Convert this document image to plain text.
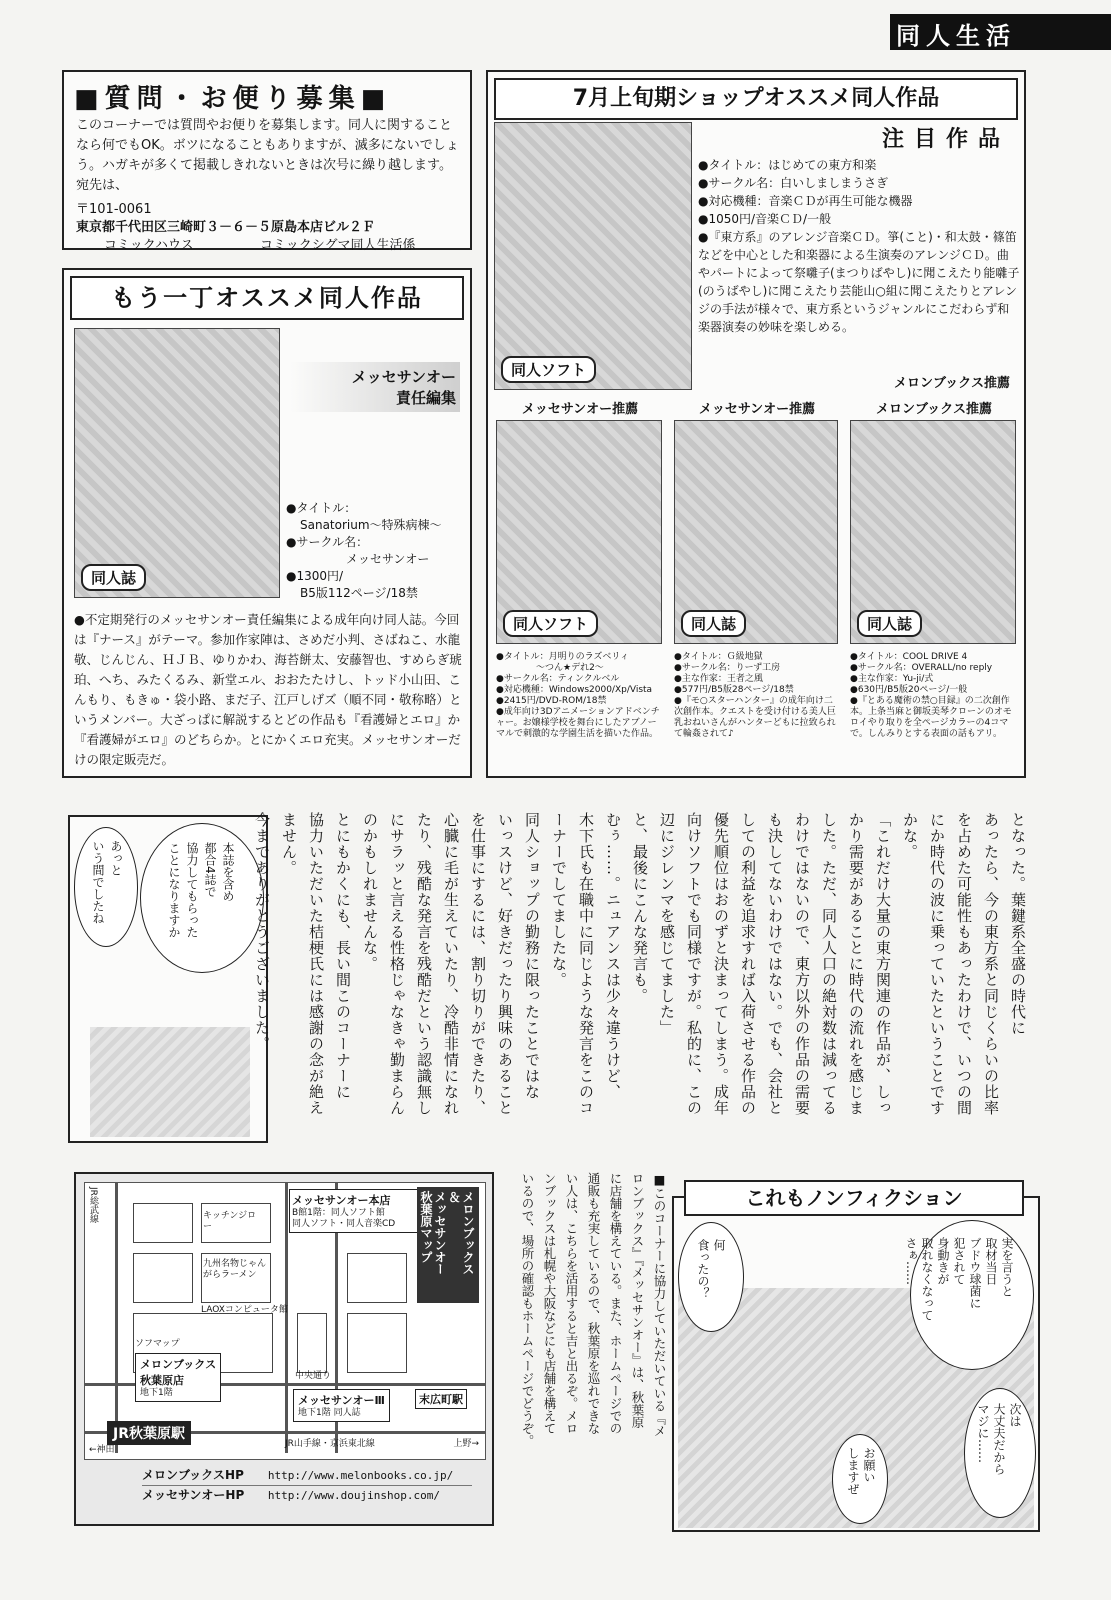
同人生活
■質問・お便り募集■
このコーナーでは質問やお便りを募集します。同人に関することなら何でもOK。ボツになることもありますが、滅多にないでしょう。ハガキが多くて掲載しきれないときは次号に繰り越します。宛先は、
〒101-0061
東京都千代田区三崎町３－６－５原島本店ビル２Ｆ
コミックハウス	コミックシグマ同人生活係
もう一丁オススメ同人作品
同人誌
メッセサンオー
責任編集
●タイトル：
Sanatorium～特殊病棟～
●サークル名：
メッセサンオー
●1300円/
B5版112ページ/18禁
●不定期発行のメッセサンオー責任編集による成年向け同人誌。今回は『ナース』がテーマ。参加作家陣は、さめだ小判、さばねこ、水龍敬、じんじん、ＨＪＢ、ゆりかわ、海苔餅太、安藤智也、すめらぎ琥珀、へち、みたくるみ、新堂エル、おおたたけし、トッド小山田、こんもり、もきゅ・袋小路、まだ子、江戸しげズ（順不同・敬称略）というメンバー。大ざっぱに解説するとどの作品も『看護婦とエロ』か『看護婦がエロ』のどちらか。とにかくエロ充実。メッセサンオーだけの限定販売だ。
7月上旬期ショップオススメ同人作品
注目作品
同人ソフト
●タイトル：はじめての東方和楽
●サークル名：白いしましまうさぎ
●対応機種：音楽ＣＤが再生可能な機器
●1050円/音楽ＣＤ/一般
●『東方系』のアレンジ音楽ＣＤ。箏(こと)・和太鼓・篠笛などを中心とした和楽器による生演奏のアレンジＣＤ。曲やパートによって祭囃子(まつりばやし)に聞こえたり能囃子(のうばやし)に聞こえたり芸能山○組に聞こえたりとアレンジの手法が様々で、東方系というジャンルにこだわらず和楽器演奏の妙味を楽しめる。
メロンブックス推薦
メッセサンオー推薦
同人ソフト
●タイトル：月明りのラズベリィ
～つん★デれ2～
●サークル名：ティンクルベル
●対応機種：Windows2000/Xp/Vista
●2415円/DVD-ROM/18禁
●成年向け3Dアニメーションアドベンチャー。お嬢様学校を舞台にしたアブノーマルで刺激的な学園生活を描いた作品。
メッセサンオー推薦
同人誌
●タイトル：Ｇ級地獄
●サークル名：りーず工房
●主な作家：王者之風
●577円/B5版28ページ/18禁
●『モ○スターハンター』の成年向け二次創作本。クエストを受け付ける美人巨乳おねいさんがハンターどもに拉致られて輪姦されて♪
メロンブックス推薦
同人誌
●タイトル：COOL DRIVE 4
●サークル名：OVERALL/no reply
●主な作家：Yu-ji/式
●630円/B5版20ページ/一般
●『とある魔術の禁○目録』の二次創作本。上条当麻と御坂美琴クローンのオモロイやり取りを全ページカラーの4コマで。しんみりとする表面の話もアリ。
本誌を含め
都合4誌で
協力してもらった
ことになりますか
あっと
いう間でしたね	となった。葉鍵系全盛の時代に
あったら、今の東方系と同じくらいの比率
を占めた可能性もあったわけで、いつの間
にか時代の波に乗っていたということです
かな。
「これだけ大量の東方関連の作品が、しっ
かり需要があることに時代の流れを感じま
した。ただ、同人人口の絶対数は減ってる
わけではないので、東方以外の作品の需要
も決してないわけではない。でも、会社と
しての利益を追求すれば入荷させる作品の
優先順位はおのずと決まってしまう。成年
向けソフトでも同様ですが。私的に、この
辺にジレンマを感じてました」
と、最後にこんな発言も。
むぅ……。ニュアンスは少々違うけど、
木下氏も在職中に同じような発言をこのコ
ーナーでしてましたな。
同人ショップの勤務に限ったことではな
いっスけど、好きだったり興味のあること
を仕事にするには、割り切りができたり、
心臓に毛が生えていたり、冷酷非情になれ
たり、残酷な発言を残酷だという認識無し
にサラッと言える性格じゃなきゃ勤まらん
のかもしれませんな。
とにもかくにも、長い間このコーナーに
協力いただいた桔梗氏には感謝の念が絶え
ません。
今までありがとうございました。
JR総武線	メッセサンオー本店
B館1階：同人ソフト館
同人ソフト・同人音楽CD	メロンブックス
＆
メッセサンオー
秋葉原マップ
キッチンジロー
九州名物じゃんがらラーメン
LAOXコンピュータ館
ソフマップ
中央通り
メロンブックス
秋葉原店
地下1階
メッセサンオーⅢ
地下1階 同人誌
末広町駅
JR秋葉原駅
JR山手線・京浜東北線	上野→
←神田
メロンブックスHP http://www.melonbooks.co.jp/
メッセサンオーHP http://www.doujinshop.com/
■このコーナーに協力していただいている『メ
ロンブックス』『メッセサンオー』は、秋葉原
に店舗を構えている。また、ホームページでの
通販も充実しているので、秋葉原を巡れできな
い人は、こちらを活用すると吉と出るぞ。メロ
ンブックスは札幌や大阪などにも店舗を構えて
いるので、場所の確認もホームページでどうぞ。	これもノンフィクション
実を言うと
取材当日
ブドウ球菌に
犯されて
身動きが
取れなくなって
さぁ……
何
食ったの？
次は
大丈夫だから
マジに……
お願い
しますぜ
